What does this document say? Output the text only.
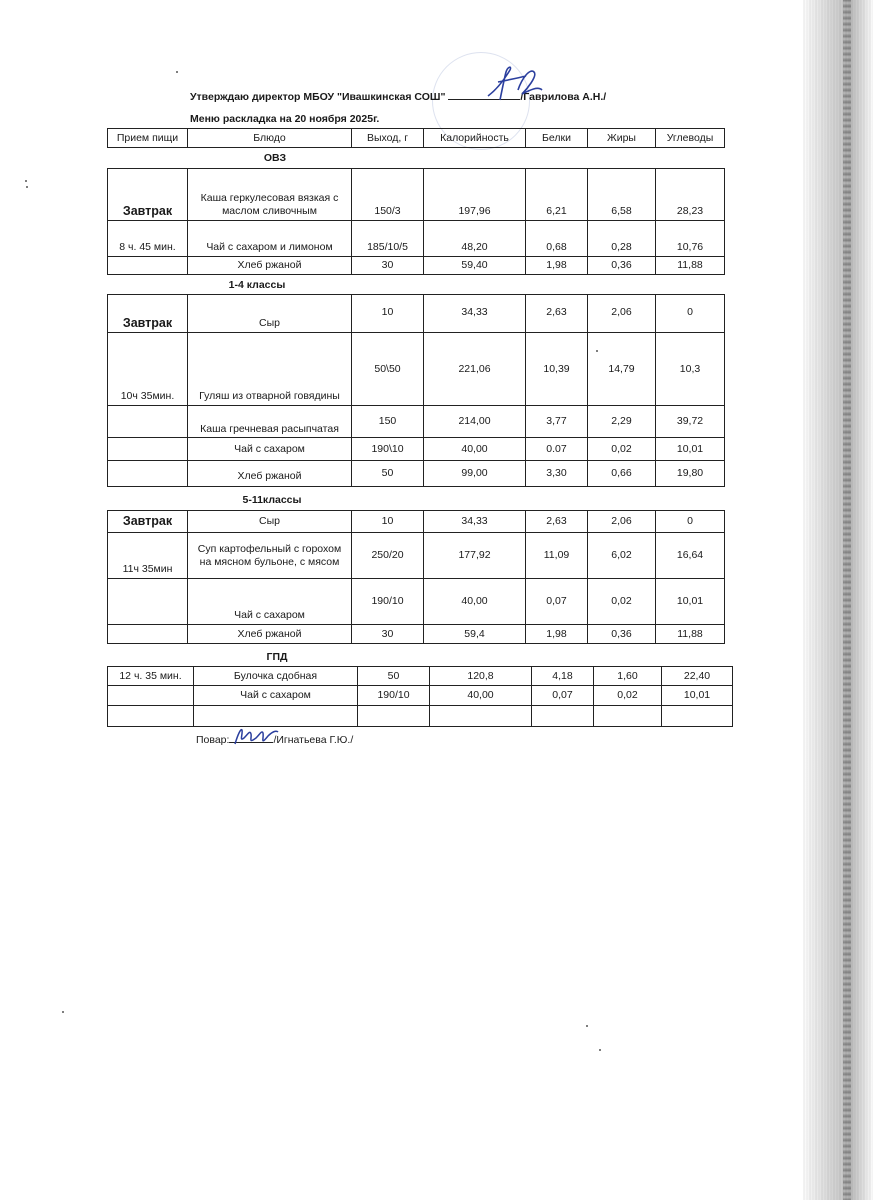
Утверждаю директор МБОУ "Ивашкинская СОШ"	/Гаврилова А.Н./
Меню раскладка на 20 ноября 2025г.
Прием пищи	Блюдо	Выход, г	Калорийность	Белки	Жиры	Углеводы
ОВЗ
Завтрак	Каша геркулесовая вязкая с маслом сливочным	150/3	197,96	6,21	6,58	28,23
8 ч. 45 мин.	Чай с сахаром и лимоном	185/10/5	48,20	0,68	0,28	10,76
	Хлеб ржаной	30	59,40	1,98	0,36	11,88
1-4 классы
Завтрак	Сыр	10	34,33	2,63	2,06	0
10ч 35мин.	Гуляш из отварной говядины	50\50	221,06	10,39	14,79	10,3
	Каша гречневая расыпчатая	150	214,00	3,77	2,29	39,72
	Чай с сахаром	190\10	40,00	0.07	0,02	10,01
	Хлеб ржаной	50	99,00	3,30	0,66	19,80
5-11классы
Завтрак	Сыр	10	34,33	2,63	2,06	0
11ч 35мин	Суп картофельный с горохом на мясном бульоне, с мясом	250/20	177,92	11,09	6,02	16,64
	Чай с сахаром	190/10	40,00	0,07	0,02	10,01
	Хлеб ржаной	30	59,4	1,98	0,36	11,88
ГПД
12 ч. 35 мин.	Булочка сдобная	50	120,8	4,18	1,60	22,40
	Чай с сахаром	190/10	40,00	0,07	0,02	10,01

Повар:	/Игнатьева Г.Ю./
